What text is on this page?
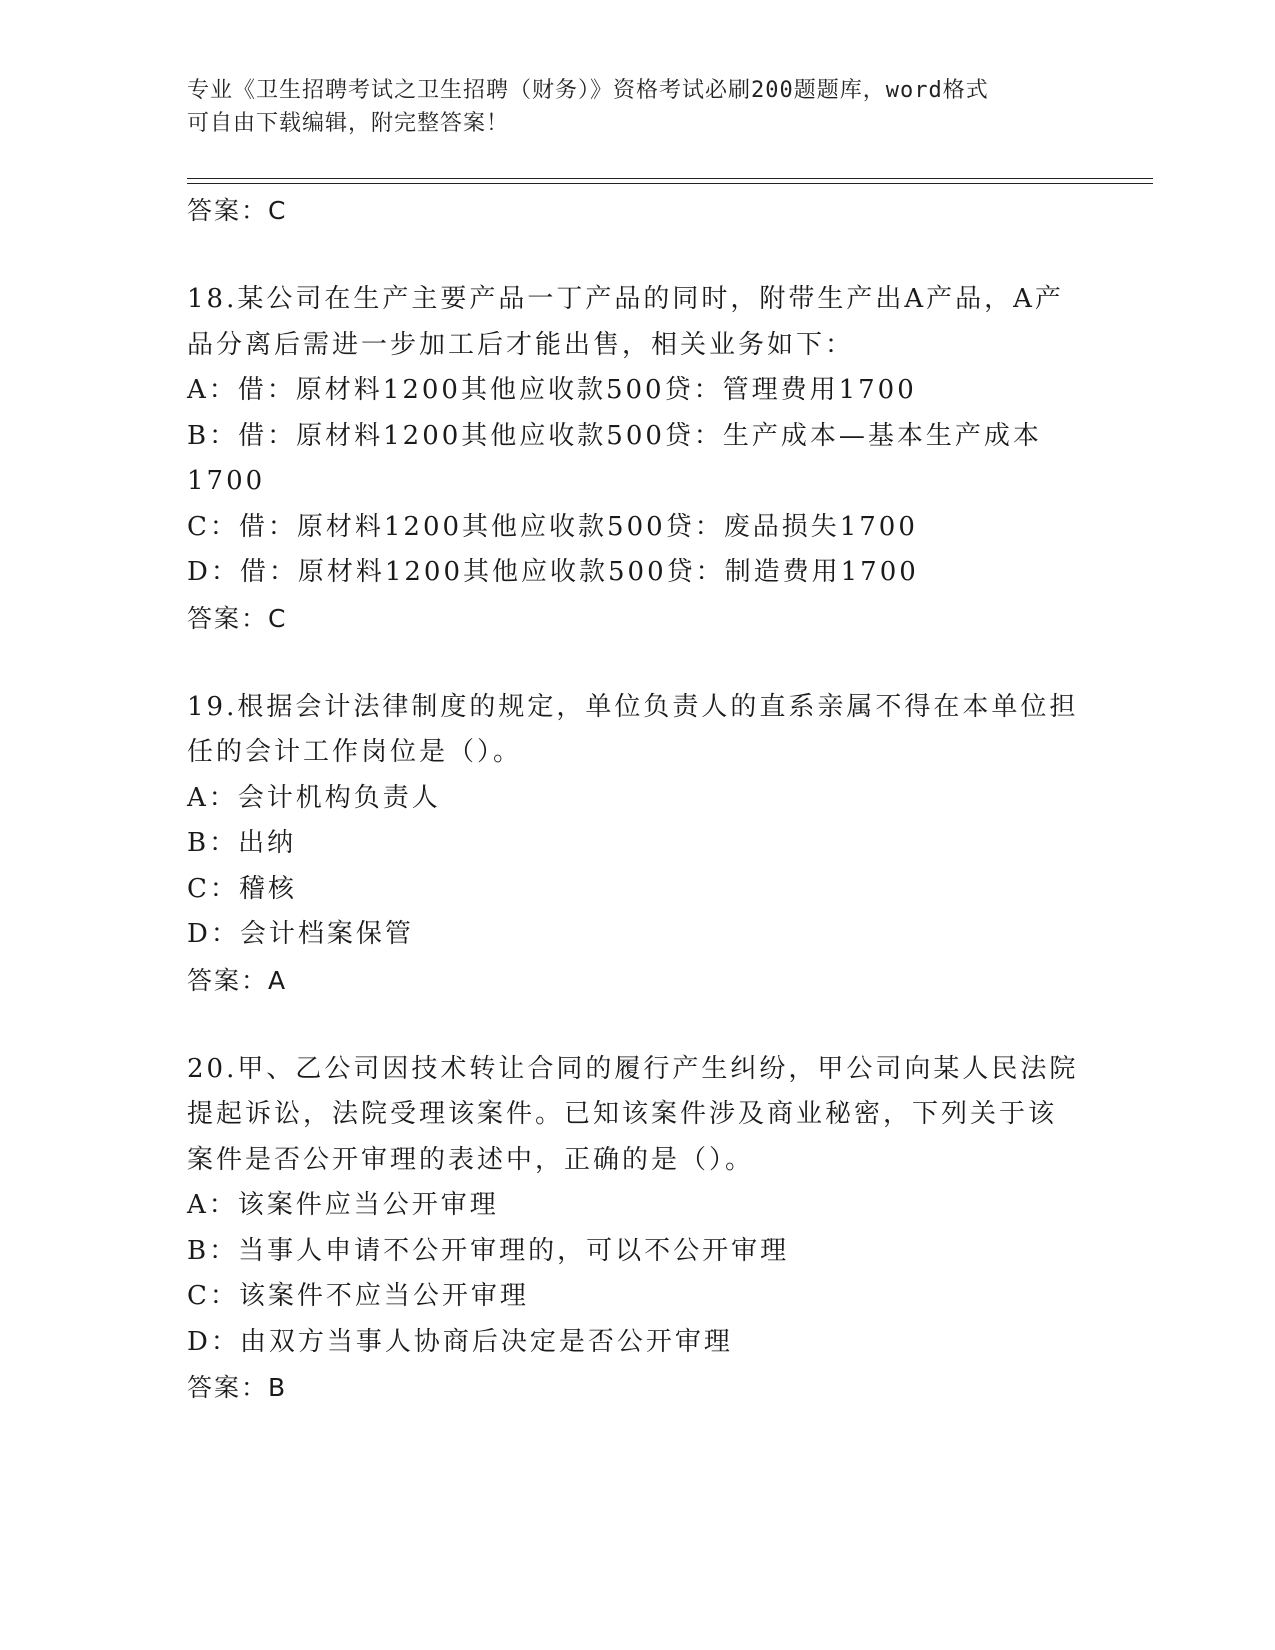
专业《卫生招聘考试之卫生招聘（财务）》资格考试必刷200题题库，word格式
可自由下载编辑，附完整答案！
答案：C
18.某公司在生产主要产品一丁产品的同时，附带生产出A产品，A产
品分离后需进一步加工后才能出售，相关业务如下：
A：借：原材料1200其他应收款500贷：管理费用1700
B：借：原材料1200其他应收款500贷：生产成本—基本生产成本
1700
C：借：原材料1200其他应收款500贷：废品损失1700
D：借：原材料1200其他应收款500贷：制造费用1700
答案：C
19.根据会计法律制度的规定，单位负责人的直系亲属不得在本单位担
任的会计工作岗位是（）。
A：会计机构负责人
B：出纳
C：稽核
D：会计档案保管
答案：A
20.甲、乙公司因技术转让合同的履行产生纠纷，甲公司向某人民法院
提起诉讼，法院受理该案件。已知该案件涉及商业秘密，下列关于该
案件是否公开审理的表述中，正确的是（）。
A：该案件应当公开审理
B：当事人申请不公开审理的，可以不公开审理
C：该案件不应当公开审理
D：由双方当事人协商后决定是否公开审理
答案：B
